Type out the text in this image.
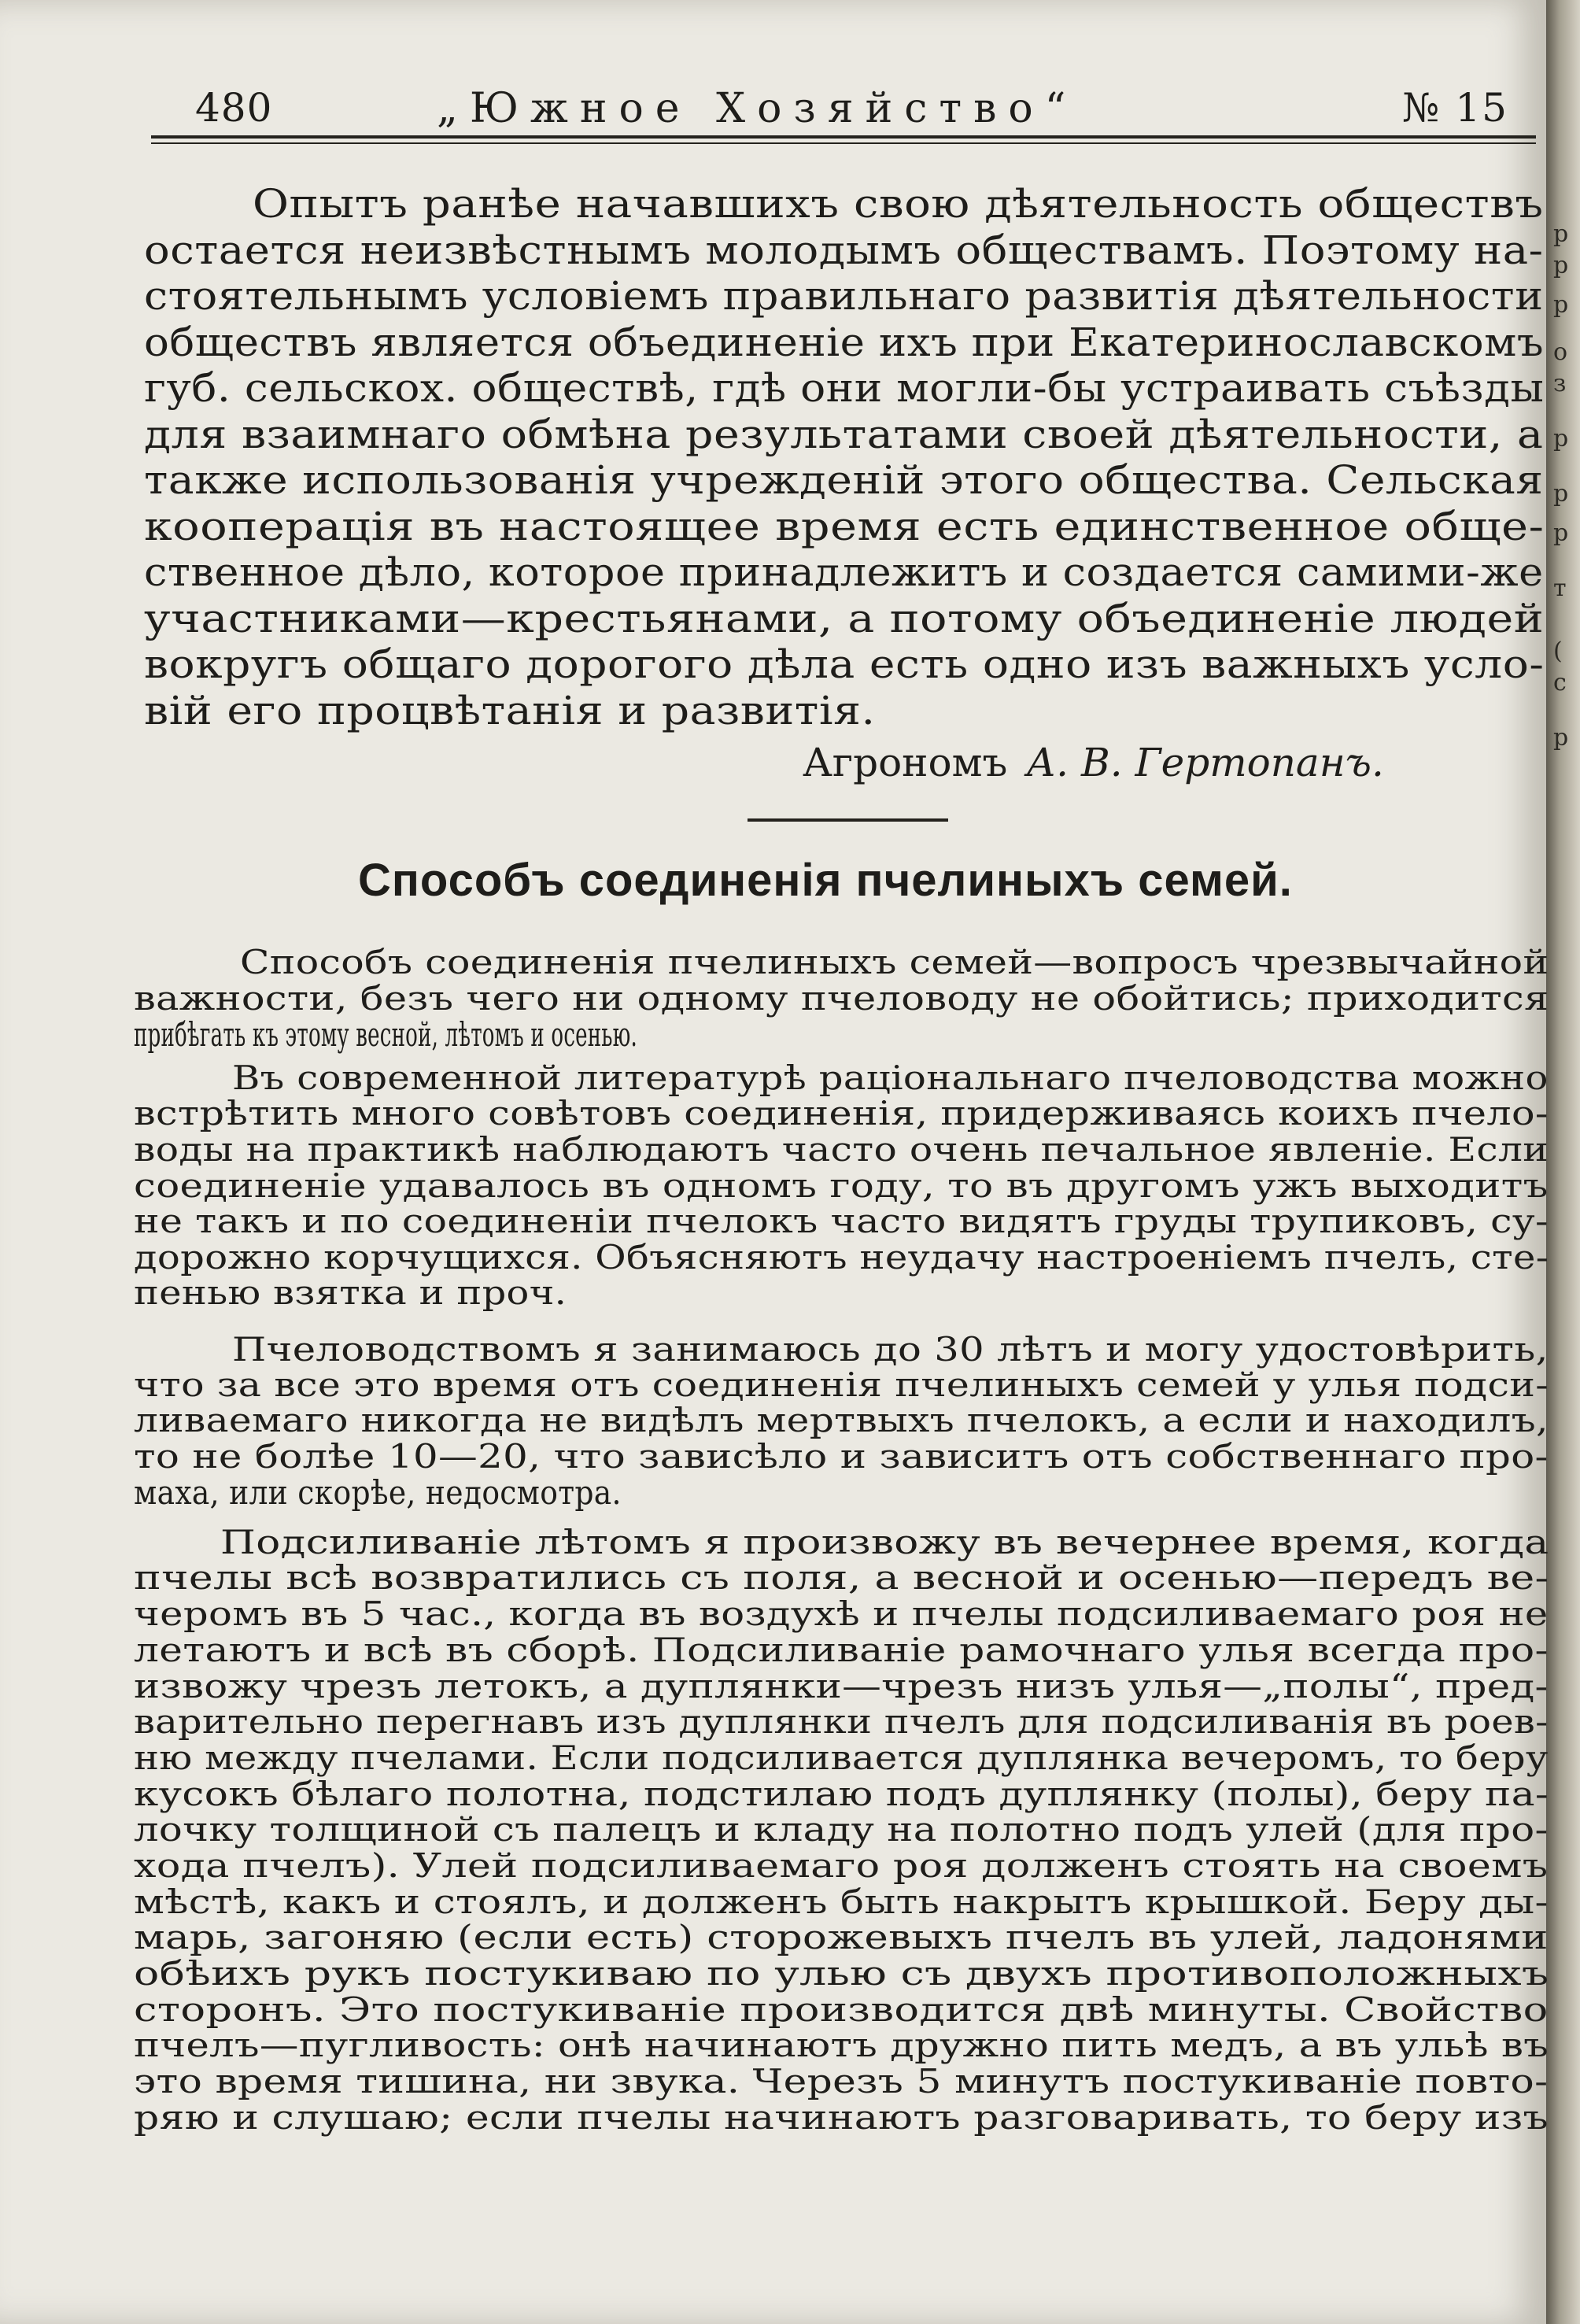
р
р
р
о
з
р
р
р
т
(
с
р
480	„Южное Хозяйство“	№ 15
Опытъ ранѣе начавшихъ свою дѣятельность обществъ
остается неизвѣстнымъ молодымъ обществамъ. Поэтому на-
стоятельнымъ условіемъ правильнаго развитія дѣятельности
обществъ является объединеніе ихъ при Екатеринославскомъ
губ. сельскох. обществѣ, гдѣ они могли-бы устраивать съѣзды
для взаимнаго обмѣна результатами своей дѣятельности, а
также использованія учрежденій этого общества. Сельская
кооперація въ настоящее время есть единственное обще-
ственное дѣло, которое принадлежитъ и создается самими-же
участниками—крестьянами, а потому объединеніе людей
вокругъ общаго дорогого дѣла есть одно изъ важныхъ усло-
вій его процвѣтанія и развитія.
Агрономъ А. В. Гертопанъ.
Способъ соединенія пчелиныхъ семей.
Способъ соединенія пчелиныхъ семей—вопросъ чрезвычайной
важности, безъ чего ни одному пчеловоду не обойтись; приходится
прибѣгать къ этому весной, лѣтомъ и осенью.
Въ современной литературѣ раціональнаго пчеловодства можно
встрѣтить много совѣтовъ соединенія, придерживаясь коихъ пчело-
воды на практикѣ наблюдаютъ часто очень печальное явленіе. Если
соединеніе удавалось въ одномъ году, то въ другомъ ужъ выходитъ
не такъ и по соединеніи пчелокъ часто видятъ груды трупиковъ, су-
дорожно корчущихся. Объясняютъ неудачу настроеніемъ пчелъ, сте-
пенью взятка и проч.
Пчеловодствомъ я занимаюсь до 30 лѣтъ и могу удостовѣрить,
что за все это время отъ соединенія пчелиныхъ семей у улья подси-
ливаемаго никогда не видѣлъ мертвыхъ пчелокъ, а если и находилъ,
то не болѣе 10—20, что зависѣло и зависитъ отъ собственнаго про-
маха, или скорѣе, недосмотра.
Подсиливаніе лѣтомъ я произвожу въ вечернее время, когда
пчелы всѣ возвратились съ поля, а весной и осенью—передъ ве-
черомъ въ 5 час., когда въ воздухѣ и пчелы подсиливаемаго роя не
летаютъ и всѣ въ сборѣ. Подсиливаніе рамочнаго улья всегда про-
извожу чрезъ летокъ, а дуплянки—чрезъ низъ улья—„полы“, пред-
варительно перегнавъ изъ дуплянки пчелъ для подсиливанія въ роев-
ню между пчелами. Если подсиливается дуплянка вечеромъ, то беру
кусокъ бѣлаго полотна, подстилаю подъ дуплянку (полы), беру па-
лочку толщиной съ палецъ и кладу на полотно подъ улей (для про-
хода пчелъ). Улей подсиливаемаго роя долженъ стоять на своемъ
мѣстѣ, какъ и стоялъ, и долженъ быть накрытъ крышкой. Беру ды-
марь, загоняю (если есть) сторожевыхъ пчелъ въ улей, ладонями
обѣихъ рукъ постукиваю по улью съ двухъ противоположныхъ
сторонъ. Это постукиваніе производится двѣ минуты. Свойство
пчелъ—пугливость: онѣ начинаютъ дружно пить медъ, а въ ульѣ въ
это время тишина, ни звука. Черезъ 5 минутъ постукиваніе повто-
ряю и слушаю; если пчелы начинаютъ разговаривать, то беру изъ
